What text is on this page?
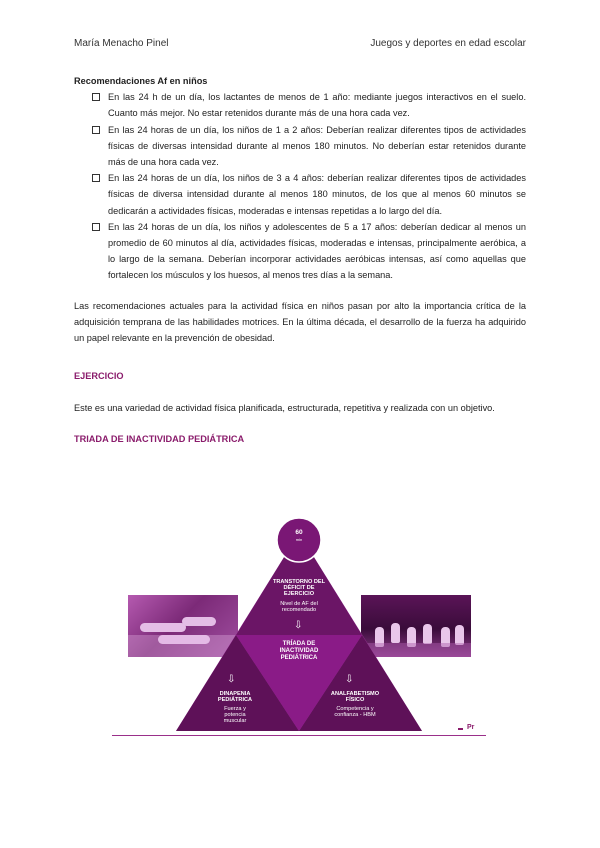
María Menacho Pinel	Juegos y deportes en edad escolar
Recomendaciones Af en niños
En las 24 h de un día, los lactantes de menos de 1 año: mediante juegos interactivos en el suelo. Cuanto más mejor. No estar retenidos durante más de una hora cada vez.
En las 24 horas de un día, los niños de 1 a 2 años: Deberían realizar diferentes tipos de actividades físicas de diversas intensidad durante al menos 180 minutos. No deberían estar retenidos durante más de una hora cada vez.
En las 24 horas de un día, los niños de 3 a 4 años: deberían realizar diferentes tipos de actividades físicas de diversa intensidad durante al menos 180 minutos, de los que al menos 60 minutos se dedicarán a actividades físicas, moderadas e intensas repetidas a lo largo del día.
En las 24 horas de un día, los niños y adolescentes de 5 a 17 años: deberían dedicar al menos un promedio de 60 minutos al día, actividades físicas, moderadas e intensas, principalmente aeróbica, a lo largo de la semana. Deberían incorporar actividades aeróbicas intensas, así como aquellas que fortalecen los músculos y los huesos, al menos tres días a la semana.

Las recomendaciones actuales para la actividad física en niños pasan por alto la importancia crítica de la adquisición temprana de las habilidades motrices. En la última década, el desarrollo de la fuerza ha adquirido un papel relevante en la prevención de obesidad.

EJERCICIO

Este es una variedad de actividad física planificada, estructurada, repetitiva y realizada con un objetivo.

TRIADA DE INACTIVIDAD PEDIÁTRICA
60
min
TRANSTORNO DEL DÉFICIT DE EJERCICIO
Nivel de AF del recomendado
⇩
TRÍADA DE INACTIVIDAD PEDIÁTRICA
⇩	⇩
DINAPENIA PEDIÁTRICA
Fuerza y potencia muscular
ANALFABETISMO FÍSICO
Competencia y confianza - HBM
Pr
